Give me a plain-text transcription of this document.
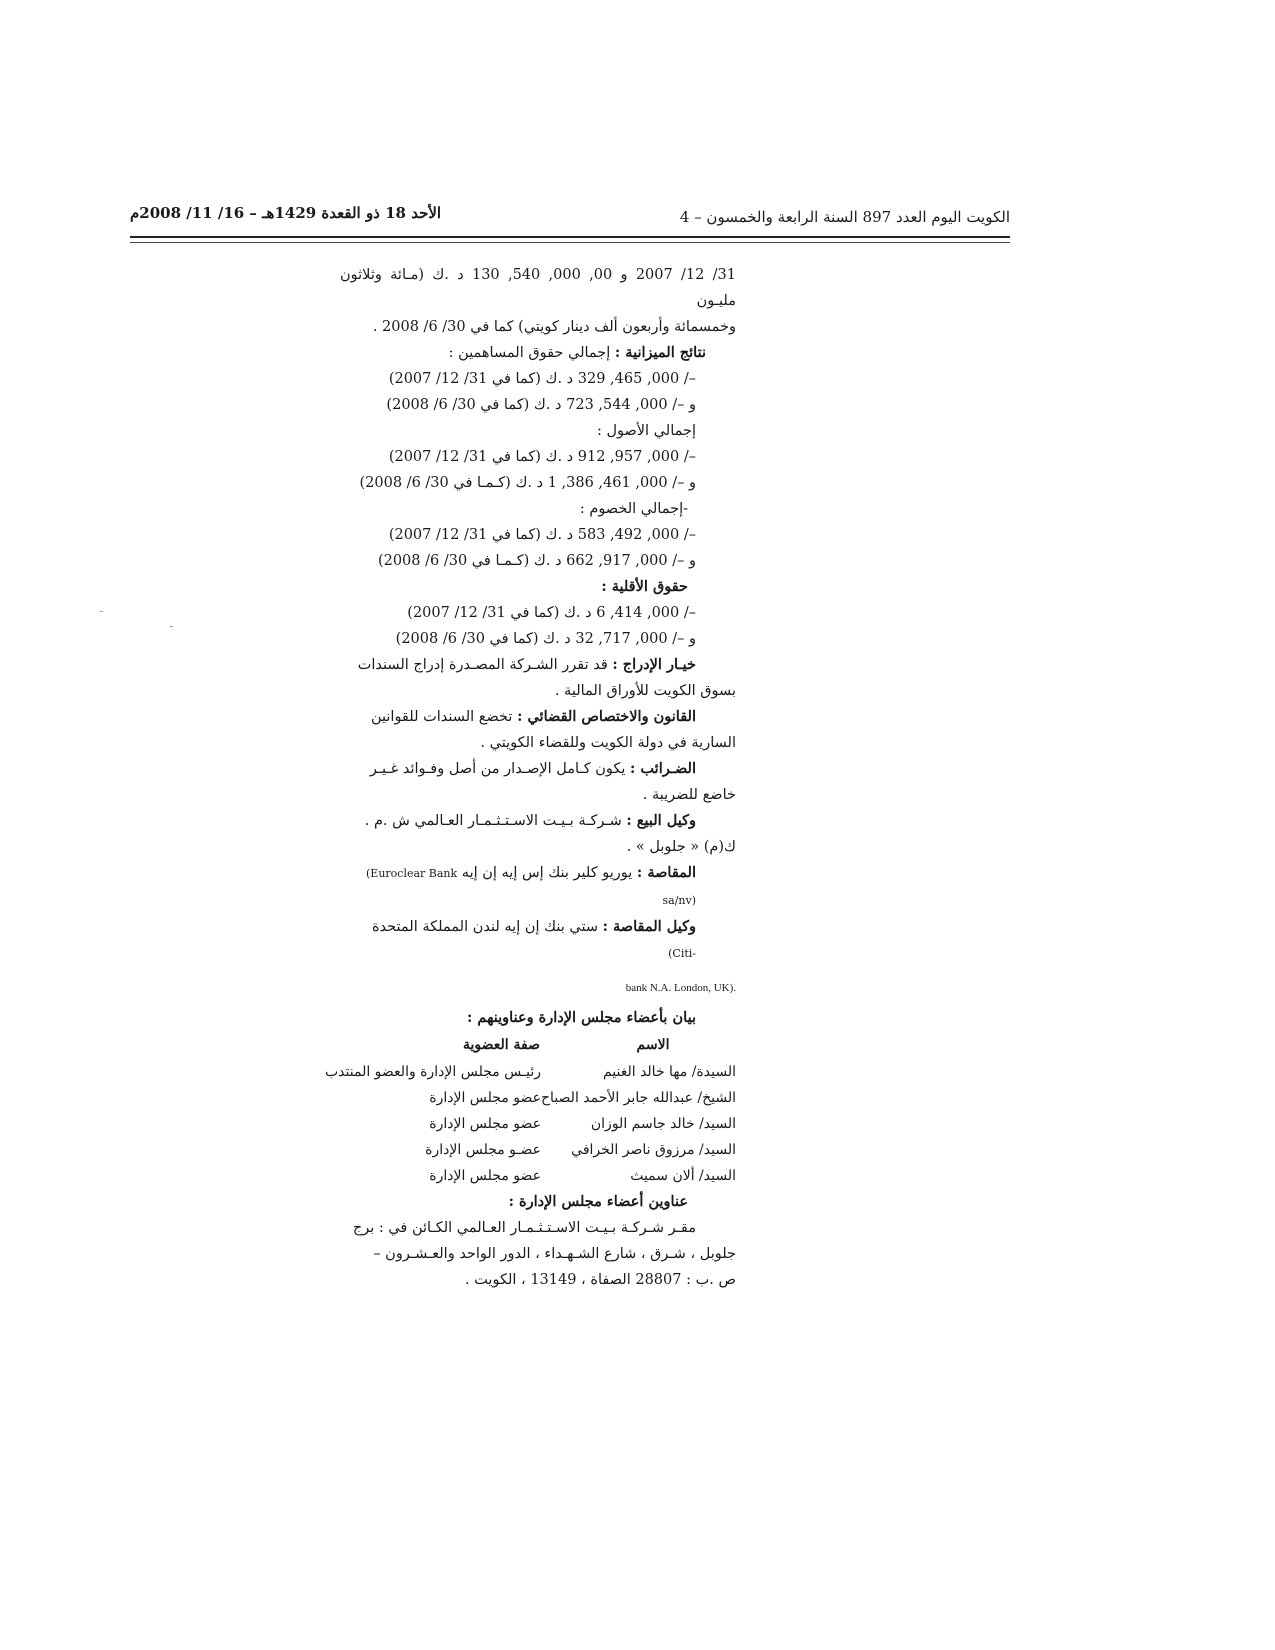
الكويت اليوم العدد 897 السنة الرابعة والخمسون – 4
الأحد 18 ذو القعدة 1429هـ – 16/ 11/ 2008م

31/ 12/ 2007 و 00, 000, 540, 130 د .ك (مـائة وثلاثون مليـون

وخمسمائة وأربعون ألف دينار كويتي) كما في 30/ 6/ 2008 .

نتائج الميزانية : إجمالي حقوق المساهمين :

–/ 000, 465, 329 د .ك (كما في 31/ 12/ 2007)

و –/ 000, 544, 723 د .ك (كما في 30/ 6/ 2008)

إجمالي الأصول :

–/ 000, 957, 912 د .ك (كما في 31/ 12/ 2007)

و –/ 000, 461, 386, 1 د .ك (كـمـا في 30/ 6/ 2008)

-إجمالي الخصوم :

–/ 000, 492, 583 د .ك (كما في 31/ 12/ 2007)

و –/ 000, 917, 662 د .ك (كـمـا في 30/ 6/ 2008)

حقوق الأقلية :

–/ 000, 414, 6 د .ك (كما في 31/ 12/ 2007)

و –/ 000, 717, 32 د .ك (كما في 30/ 6/ 2008)

خيـار الإدراج : قد تقرر الشـركة المصـدرة إدراج السندات

بسوق الكويت للأوراق المالية .

القانون والاختصاص القضائي : تخضع السندات للقوانين

السارية في دولة الكويت وللقضاء الكويتي .

الضـرائب : يكون كـامل الإصـدار من أصل وفـوائد غـيـر

خاضع للضريبة .

وكيل البيع : شـركـة بـيـت الاسـتـثـمـار العـالمي ش .م .

ك(م) « جلوبل » .

المقاصة : يوريو كلير بنك إس إيه إن إيه (Euroclear Bank sa/nv)

وكيل المقاصة : ستي بنك إن إيه لندن المملكة المتحدة (Citi-

bank N.A. London, UK).

بيان بأعضاء مجلس الإدارة وعناوينهم :

الاسم	صفة العضوية
السيدة/ مها خالد الغنيم	رئيـس مجلس الإدارة والعضو المنتدب
الشيخ/ عبدالله جابر الأحمد الصباح	عضو مجلس الإدارة
السيد/ خالد جاسم الوزان	عضو مجلس الإدارة
السيد/ مرزوق ناصر الخرافي	عضـو مجلس الإدارة
السيد/ ألان سميث	عضو مجلس الإدارة

عناوين أعضاء مجلس الإدارة :

مقـر شـركـة بـيـت الاسـتـثـمـار العـالمي الكـائن في : برج

جلوبل ، شـرق ، شارع الشـهـداء ، الدور الواحد والعـشـرون –

ص .ب : 28807 الصفاة ، 13149 ، الكويت .
